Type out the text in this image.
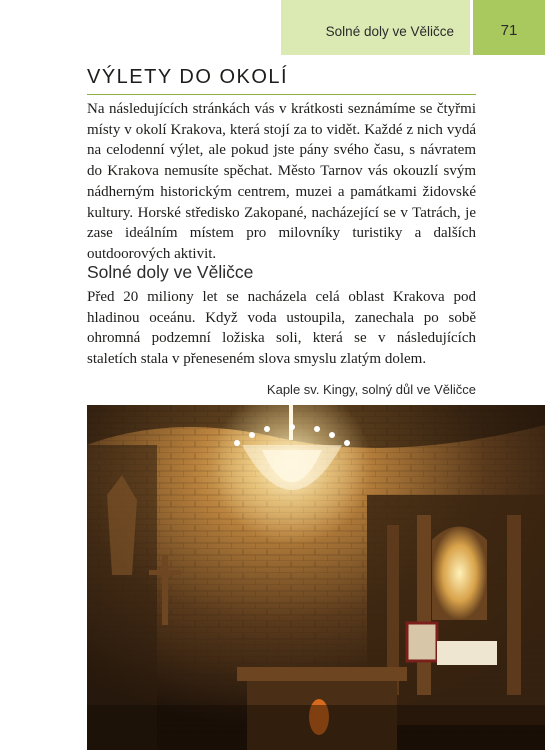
Solné doly ve Věličce	71
VÝLETY DO OKOLÍ

Na následujících stránkách vás v krátkosti seznámíme se čtyřmi místy v okolí Krakova, která stojí za to vidět. Každé z nich vydá na celodenní výlet, ale pokud jste pány svého času, s návratem do Krakova nemusíte spěchat. Město Tarnov vás okouzlí svým nádherným historickým centrem, muzei a památkami židovské kultury. Horské středisko Zakopané, nacházející se v Tatrách, je zase ideálním místem pro milovníky turistiky a dalších outdoorových aktivit.

Solné doly ve Věličce

Před 20 miliony let se nacházela celá oblast Krakova pod hladinou oceánu. Když voda ustoupila, zanechala po sobě ohromná podzemní ložiska soli, která se v následujících staletích stala v přeneseném slova smyslu zlatým dolem.

Kaple sv. Kingy, solný důl ve Věličce
